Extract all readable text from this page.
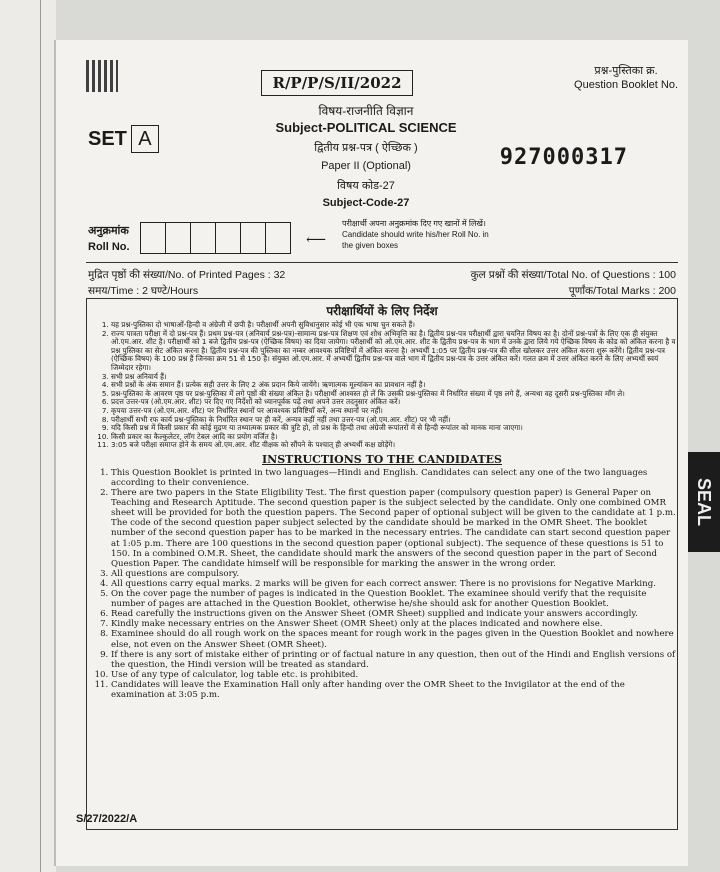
R/P/P/S/II/2022
प्रश्न-पुस्तिका क्र.
Question Booklet No.
विषय-राजनीति विज्ञान
Subject-POLITICAL SCIENCE
द्वितीय प्रश्न-पत्र ( ऐच्छिक )
Paper II (Optional)
विषय कोड-27
Subject-Code-27
SET A
927000317
अनुक्रमांक
Roll No.	⟵
परीक्षार्थी अपना अनुक्रमांक दिए गए खानों में लिखें।
Candidate should write his/her Roll No. in the given boxes
मुद्रित पृष्ठों की संख्या/No. of Printed Pages : 32	कुल प्रश्नों की संख्या/Total No. of Questions : 100
समय/Time : 2 घण्टे/Hours	पूर्णांक/Total Marks : 200
परीक्षार्थियों के लिए निर्देश
1. यह प्रश्न-पुस्तिका दो भाषाओं-हिन्दी व अंग्रेजी में छपी है। परीक्षार्थी अपनी सुविधानुसार कोई भी एक भाषा चुन सकते हैं।
2. राज्य पात्रता परीक्षा में दो प्रश्न-पत्र हैं। प्रथम प्रश्न-पत्र (अनिवार्य प्रश्न-पत्र)-सामान्य प्रश्न-पत्र शिक्षण एवं शोध अभिवृत्ति का है। द्वितीय प्रश्न-पत्र परीक्षार्थी द्वारा चयनित विषय का है। दोनों प्रश्न-पत्रों के लिए एक ही संयुक्त ओ.एम.आर. शीट है। परीक्षार्थी को 1 बजे द्वितीय प्रश्न-पत्र (ऐच्छिक विषय) का दिया जायेगा। परीक्षार्थी को ओ.एम.आर. शीट के द्वितीय प्रश्न-पत्र के भाग में उनके द्वारा लिये गये ऐच्छिक विषय के कोड को अंकित करना है व प्रश्न पुस्तिका का सेट अंकित करना है। द्वितीय प्रश्न-पत्र की पुस्तिका का नम्बर आवश्यक प्रविष्टियों में अंकित करना है। अभ्यर्थी 1:05 पर द्वितीय प्रश्न-पत्र की सील खोलकर उत्तर अंकित करना शुरू करेंगे। द्वितीय प्रश्न-पत्र (ऐच्छिक विषय) के 100 प्रश्न हैं जिनका क्रम 51 से 150 है। संयुक्त ओ.एम.आर. में अभ्यर्थी द्वितीय प्रश्न-पत्र वाले भाग में द्वितीय प्रश्न-पत्र के उत्तर अंकित करें। गलत क्रम में उत्तर अंकित करने के लिए अभ्यर्थी स्वयं जिम्मेदार रहेगा।
3. सभी प्रश्न अनिवार्य हैं।
4. सभी प्रश्नों के अंक समान हैं। प्रत्येक सही उत्तर के लिए 2 अंक प्रदान किये जायेंगे। ऋणात्मक मूल्यांकन का प्रावधान नहीं है।
5. प्रश्न-पुस्तिका के आवरण पृष्ठ पर प्रश्न-पुस्तिका में लगे पृष्ठों की संख्या अंकित है। परीक्षार्थी आश्वस्त हो लें कि उसकी प्रश्न-पुस्तिका में निर्धारित संख्या में पृष्ठ लगे हैं, अन्यथा वह दूसरी प्रश्न-पुस्तिका माँग ले।
6. प्रदत्त उत्तर-पत्र (ओ.एम.आर. शीट) पर दिए गए निर्देशों को ध्यानपूर्वक पढ़ें तथा अपने उत्तर तदनुसार अंकित करें।
7. कृपया उत्तर-पत्र (ओ.एम.आर. शीट) पर निर्धारित स्थानों पर आवश्यक प्रविष्टियाँ करें, अन्य स्थानों पर नहीं।
8. परीक्षार्थी सभी रफ कार्य प्रश्न-पुस्तिका के निर्धारित स्थान पर ही करें, अन्यत्र कहीं नहीं तथा उत्तर-पत्र (ओ.एम.आर. शीट) पर भी नहीं।
9. यदि किसी प्रश्न में किसी प्रकार की कोई मुद्रण या तथ्यात्मक प्रकार की त्रुटि हो, तो प्रश्न के हिन्दी तथा अंग्रेजी रूपांतरों में से हिन्दी रूपांतर को मानक माना जाएगा।
10. किसी प्रकार का कैल्कुलेटर, लॉग टेबल आदि का प्रयोग वर्जित है।
11. 3:05 बजे परीक्षा समाप्त होने के समय ओ.एम.आर. शीट वीक्षक को सौंपने के पश्चात् ही अभ्यर्थी कक्ष छोड़ेंगे।
INSTRUCTIONS TO THE CANDIDATES
1. This Question Booklet is printed in two languages—Hindi and English. Candidates can select any one of the two languages according to their convenience.
2. There are two papers in the State Eligibility Test. The first question paper (compulsory question paper) is General Paper on Teaching and Research Aptitude. The second question paper is the subject selected by the candidate. Only one combined OMR sheet will be provided for both the question papers. The Second paper of optional subject will be given to the candidate at 1 p.m. The code of the second question paper subject selected by the candidate should be marked in the OMR Sheet. The booklet number of the second question paper has to be marked in the necessary entries. The candidate can start second question paper at 1:05 p.m. There are 100 questions in the second question paper (optional subject). The sequence of these questions is 51 to 150. In a combined O.M.R. Sheet, the candidate should mark the answers of the second question paper in the part of Second Question Paper. The candidate himself will be responsible for marking the answer in the wrong order.
3. All questions are compulsory.
4. All questions carry equal marks. 2 marks will be given for each correct answer. There is no provisions for Negative Marking.
5. On the cover page the number of pages is indicated in the Question Booklet. The examinee should verify that the requisite number of pages are attached in the Question Booklet, otherwise he/she should ask for another Question Booklet.
6. Read carefully the instructions given on the Answer Sheet (OMR Sheet) supplied and indicate your answers accordingly.
7. Kindly make necessary entries on the Answer Sheet (OMR Sheet) only at the places indicated and nowhere else.
8. Examinee should do all rough work on the spaces meant for rough work in the pages given in the Question Booklet and nowhere else, not even on the Answer Sheet (OMR Sheet).
9. If there is any sort of mistake either of printing or of factual nature in any question, then out of the Hindi and English versions of the question, the Hindi version will be treated as standard.
10. Use of any type of calculator, log table etc. is prohibited.
11. Candidates will leave the Examination Hall only after handing over the OMR Sheet to the Invigilator at the end of the examination at 3:05 p.m.
S/27/2022/A
SEAL
